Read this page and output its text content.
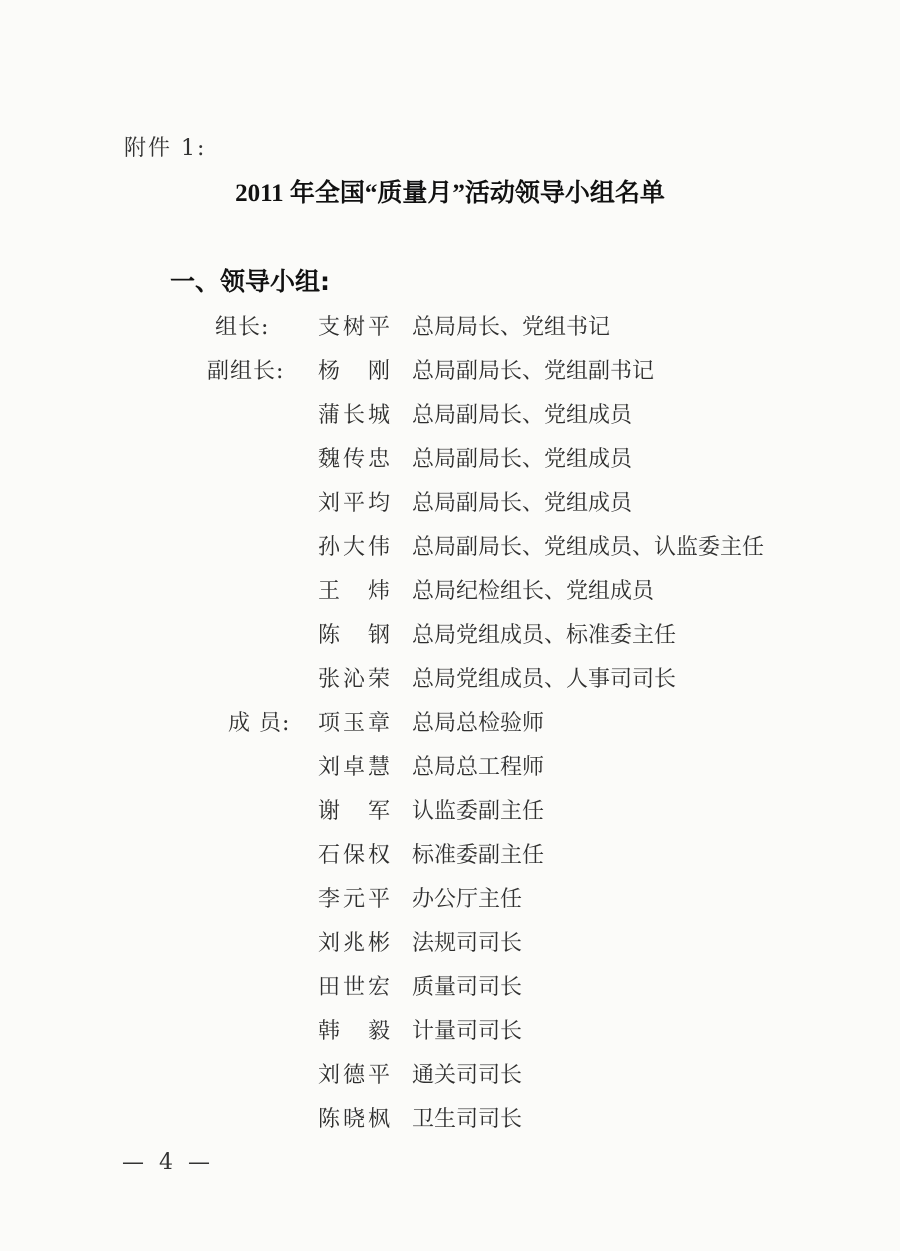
附件 1:
2011 年全国“质量月”活动领导小组名单
一、领导小组:
组长: 支树平 总局局长、党组书记
副组长: 杨 刚 总局副局长、党组副书记
蒲长城 总局副局长、党组成员
魏传忠 总局副局长、党组成员
刘平均 总局副局长、党组成员
孙大伟 总局副局长、党组成员、认监委主任
王 炜 总局纪检组长、党组成员
陈 钢 总局党组成员、标准委主任
张沁荣 总局党组成员、人事司司长
成 员: 项玉章 总局总检验师
刘卓慧 总局总工程师
谢 军 认监委副主任
石保权 标准委副主任
李元平 办公厅主任
刘兆彬 法规司司长
田世宏 质量司司长
韩 毅 计量司司长
刘德平 通关司司长
陈晓枫 卫生司司长
— 4 —
